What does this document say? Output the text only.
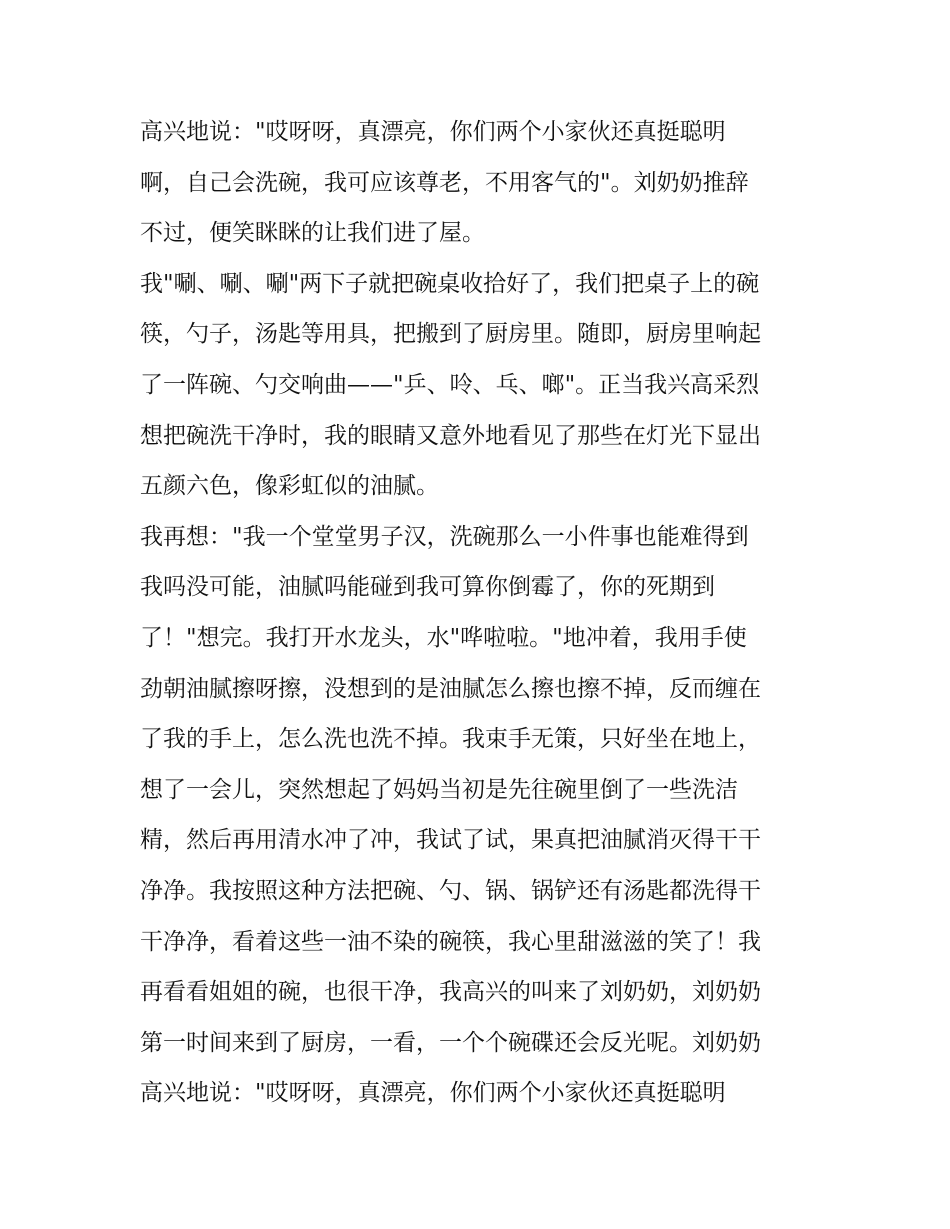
高兴地说："哎呀呀，真漂亮，你们两个小家伙还真挺聪明
啊，自己会洗碗，我可应该尊老，不用客气的"。刘奶奶推辞
不过，便笑眯眯的让我们进了屋。
我"唰、唰、唰"两下子就把碗桌收拾好了，我们把桌子上的碗
筷，勺子，汤匙等用具，把搬到了厨房里。随即，厨房里响起
了一阵碗、勺交响曲——"乒、呤、乓、啷"。正当我兴高采烈
想把碗洗干净时，我的眼睛又意外地看见了那些在灯光下显出
五颜六色，像彩虹似的油腻。
我再想："我一个堂堂男子汉，洗碗那么一小件事也能难得到
我吗没可能，油腻吗能碰到我可算你倒霉了，你的死期到
了！"想完。我打开水龙头，水"哗啦啦。"地冲着，我用手使
劲朝油腻擦呀擦，没想到的是油腻怎么擦也擦不掉，反而缠在
了我的手上，怎么洗也洗不掉。我束手无策，只好坐在地上，
想了一会儿，突然想起了妈妈当初是先往碗里倒了一些洗洁
精，然后再用清水冲了冲，我试了试，果真把油腻消灭得干干
净净。我按照这种方法把碗、勺、锅、锅铲还有汤匙都洗得干
干净净，看着这些一油不染的碗筷，我心里甜滋滋的笑了！我
再看看姐姐的碗，也很干净，我高兴的叫来了刘奶奶，刘奶奶
第一时间来到了厨房，一看，一个个碗碟还会反光呢。刘奶奶
高兴地说："哎呀呀，真漂亮，你们两个小家伙还真挺聪明
